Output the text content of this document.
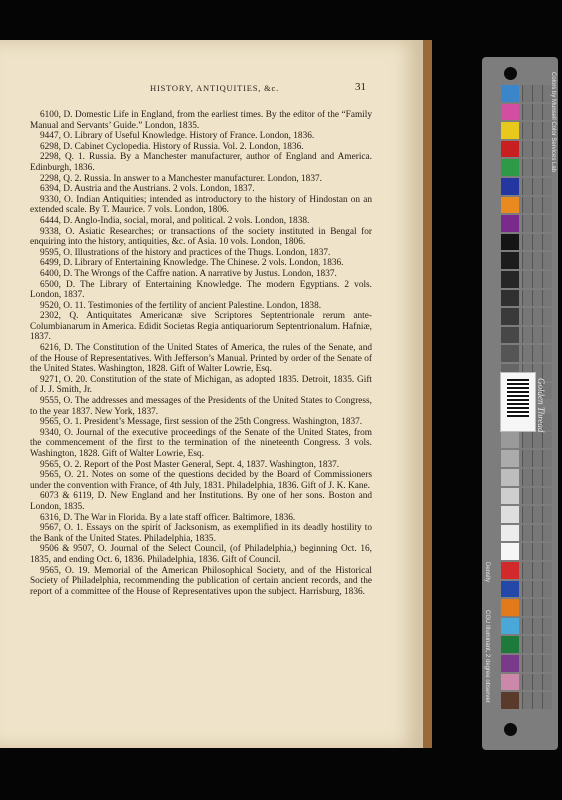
HISTORY, ANTIQUITIES, &c.	31

6100, D. Domestic Life in England, from the earliest times. By the editor of the “Family Manual and Servants’ Guide.” London, 1835.

9447, O. Library of Useful Knowledge. History of France. London, 1836.

6298, D. Cabinet Cyclopedia. History of Russia. Vol. 2. London, 1836.

2298, Q. 1. Russia. By a Manchester manufacturer, author of England and America. Edinburgh, 1836.

2298, Q. 2. Russia. In answer to a Manchester manufacturer. London, 1837.

6394, D. Austria and the Austrians. 2 vols. London, 1837.

9330, O. Indian Antiquities; intended as introductory to the history of Hindostan on an extended scale. By T. Maurice. 7 vols. London, 1806.

6444, D. Anglo-India, social, moral, and political. 2 vols. London, 1838.

9338, O. Asiatic Researches; or transactions of the society instituted in Bengal for enquiring into the history, antiquities, &c. of Asia. 10 vols. London, 1806.

9595, O. Illustrations of the history and practices of the Thugs. London, 1837.

6499, D. Library of Entertaining Knowledge. The Chinese. 2 vols. London, 1836.

6400, D. The Wrongs of the Caffre nation. A narrative by Justus. London, 1837.

6500, D. The Library of Entertaining Knowledge. The modern Egyptians. 2 vols. London, 1837.

9520, O. 11. Testimonies of the fertility of ancient Palestine. London, 1838.

2302, Q. Antiquitates Americanæ sive Scriptores Septentrionale rerum ante-Columbianarum in America. Edidit Societas Regia antiquariorum Septentrionalum. Hafniæ, 1837.

6216, D. The Constitution of the United States of America, the rules of the Senate, and of the House of Representatives. With Jefferson’s Manual. Printed by order of the Senate of the United States. Washington, 1828. Gift of Walter Lowrie, Esq.

9271, O. 20. Constitution of the state of Michigan, as adopted 1835. Detroit, 1835. Gift of J. J. Smith, Jr.

9555, O. The addresses and messages of the Presidents of the United States to Congress, to the year 1837. New York, 1837.

9565, O. 1. President’s Message, first session of the 25th Congress. Washington, 1837.

9340, O. Journal of the executive proceedings of the Senate of the United States, from the commencement of the first to the termination of the nineteenth Congress. 3 vols. Washington, 1828. Gift of Walter Lowrie, Esq.

9565, O. 2. Report of the Post Master General, Sept. 4, 1837. Washington, 1837.

9565, O. 21. Notes on some of the questions decided by the Board of Commissioners under the convention with France, of 4th July, 1831. Philadelphia, 1836. Gift of J. K. Kane.

6073 & 6119, D. New England and her Institutions. By one of her sons. Boston and London, 1835.

6316, D. The War in Florida. By a late staff officer. Baltimore, 1836.

9567, O. 1. Essays on the spirit of Jacksonism, as exemplified in its deadly hostility to the Bank of the United States. Philadelphia, 1835.

9506 & 9507, O. Journal of the Select Council, (of Philadelphia,) beginning Oct. 16, 1835, and ending Oct. 6, 1836. Philadelphia, 1836. Gift of Council.

9565, O. 19. Memorial of the American Philosophical Society, and of the Historical Society of Philadelphia, recommending the publication of certain ancient records, and the report of a committee of the House of Representatives upon the subject. Harrisburg, 1836.

Colors by Munsell Color Services Lab
Density
CGU Illuminant, 2 degree observer
Golden Thread
